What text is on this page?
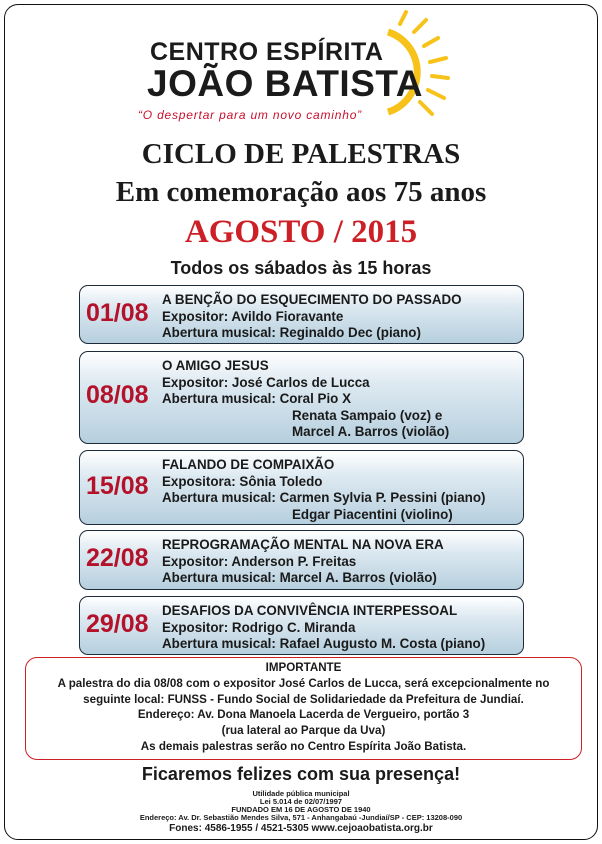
CENTRO ESPÍRITA
JOÃO BATISTA
“O despertar para um novo caminho”
CICLO DE PALESTRAS
Em comemoração aos 75 anos
AGOSTO / 2015
Todos os sábados às 15 horas
01/08 A BENÇÃO DO ESQUECIMENTO DO PASSADO
Expositor: Avildo Fioravante
Abertura musical: Reginaldo Dec (piano)
08/08
O AMIGO JESUS
Expositor: José Carlos de Lucca
Abertura musical: Coral Pio X
Renata Sampaio (voz) e
Marcel A. Barros (violão)
15/08
FALANDO DE COMPAIXÃO
Expositora: Sônia Toledo
Abertura musical: Carmen Sylvia P. Pessini (piano)
Edgar Piacentini (violino)
22/08 REPROGRAMAÇÃO MENTAL NA NOVA ERA
Expositor: Anderson P. Freitas
Abertura musical: Marcel A. Barros (violão)
29/08 DESAFIOS DA CONVIVÊNCIA INTERPESSOAL
Expositor: Rodrigo C. Miranda
Abertura musical: Rafael Augusto M. Costa (piano)
IMPORTANTE
A palestra do dia 08/08 com o expositor José Carlos de Lucca, será excepcionalmente no
seguinte local: FUNSS - Fundo Social de Solidariedade da Prefeitura de Jundiaí.
Endereço: Av. Dona Manoela Lacerda de Vergueiro, portão 3
(rua lateral ao Parque da Uva)
As demais palestras serão no Centro Espírita João Batista.
Ficaremos felizes com sua presença!
Utilidade pública municipal
Lei 5.014 de 02/07/1997
FUNDADO EM 16 DE AGOSTO DE 1940
Endereço: Av. Dr. Sebastião Mendes Silva, 571 - Anhangabaú -Jundiaí/SP - CEP: 13208-090
Fones: 4586-1955 / 4521-5305 www.cejoaobatista.org.br
